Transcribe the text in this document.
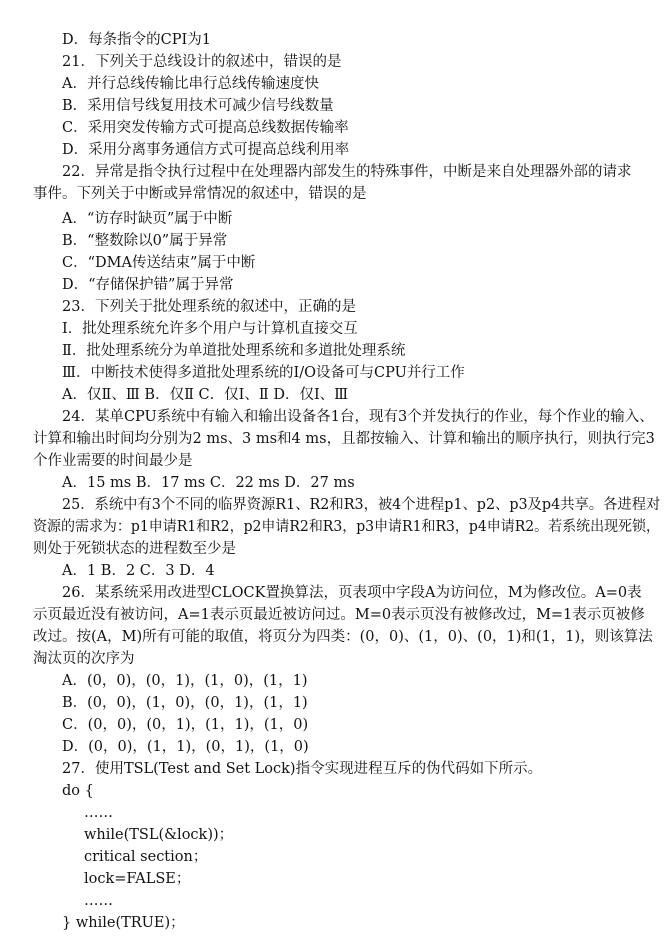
D．每条指令的CPI为1
21．下列关于总线设计的叙述中，错误的是
A．并行总线传输比串行总线传输速度快
B．采用信号线复用技术可减少信号线数量
C．采用突发传输方式可提高总线数据传输率
D．采用分离事务通信方式可提高总线利用率
22．异常是指令执行过程中在处理器内部发生的特殊事件，中断是来自处理器外部的请求
事件。下列关于中断或异常情况的叙述中，错误的是
A．“访存时缺页”属于中断
B．“整数除以0”属于异常
C．“DMA传送结束”属于中断
D．“存储保护错”属于异常
23．下列关于批处理系统的叙述中，正确的是
Ⅰ．批处理系统允许多个用户与计算机直接交互
Ⅱ．批处理系统分为单道批处理系统和多道批处理系统
Ⅲ．中断技术使得多道批处理系统的I/O设备可与CPU并行工作
A．仅Ⅱ、Ⅲ B．仅Ⅱ C．仅Ⅰ、Ⅱ D．仅Ⅰ、Ⅲ
24．某单CPU系统中有输入和输出设备各1台，现有3个并发执行的作业，每个作业的输入、
计算和输出时间均分别为2 ms、3 ms和4 ms，且都按输入、计算和输出的顺序执行，则执行完3
个作业需要的时间最少是
A．15 ms B．17 ms C．22 ms D．27 ms
25．系统中有3个不同的临界资源R1、R2和R3，被4个进程p1、p2、p3及p4共享。各进程对
资源的需求为：p1申请R1和R2，p2申请R2和R3，p3申请R1和R3，p4申请R2。若系统出现死锁，
则处于死锁状态的进程数至少是
A．1 B．2 C．3 D．4
26．某系统采用改进型CLOCK置换算法，页表项中字段A为访问位，M为修改位。A=0表
示页最近没有被访问，A=1表示页最近被访问过。M=0表示页没有被修改过，M=1表示页被修
改过。按(A，M)所有可能的取值，将页分为四类：(0，0)、(1，0)、(0，1)和(1，1)，则该算法
淘汰页的次序为
A．(0，0)，(0，1)，(1，0)，(1，1)
B．(0，0)，(1，0)，(0，1)，(1，1)
C．(0，0)，(0，1)，(1，1)，(1，0)
D．(0，0)，(1，1)，(0，1)，(1，0)
27．使用TSL(Test and Set Lock)指令实现进程互斥的伪代码如下所示。
do {
……
while(TSL(&lock))；
critical section；
lock=FALSE；
……
} while(TRUE)；
